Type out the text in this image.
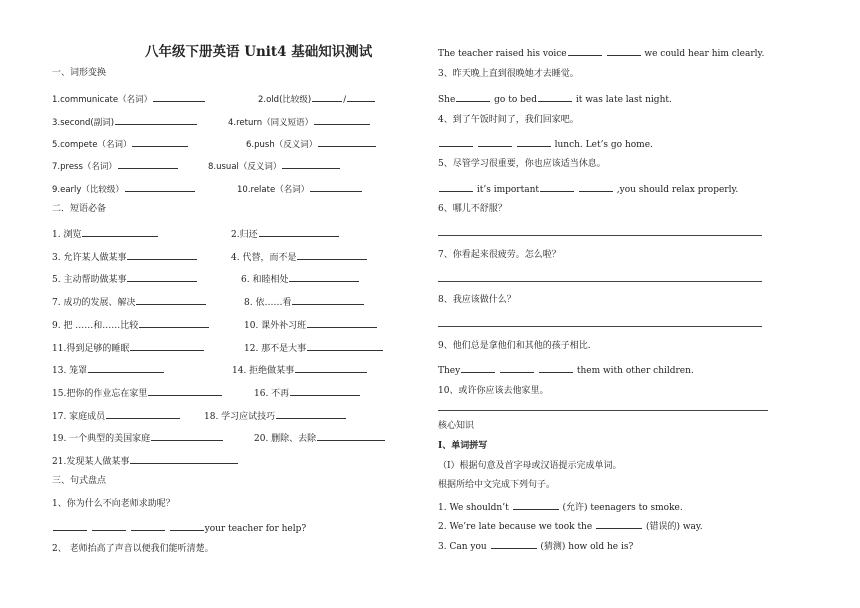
八年级下册英语 Unit4 基础知识测试
一、词形变换
1.communicate（名词）	2.old(比较级)	/
3.second(副词)	4.return（同义短语）
5.compete（名词）	6.push（反义词）
7.press（名词）	8.usual（反义词）
9.early（比较级）	10.relate（名词）
二．短语必备
1. 浏览	2.归还
3. 允许某人做某事	4. 代替，而不是
5. 主动帮助做某事	6. 和睦相处
7. 成功的发展、解决	8. 依……看
9. 把 ……和……比较	10. 课外补习班
11.得到足够的睡眠	12. 那不是大事
13. 笼罩	14. 拒绝做某事
15.把你的作业忘在家里	16. 不再
17. 家庭成员	18. 学习应试技巧
19. 一个典型的美国家庭	20. 删除、去除
21.发现某人做某事
三、句式盘点
1、你为什么不向老师求助呢？
your teacher for help?
2、 老师抬高了声音以便我们能听清楚。
The teacher raised his voice	we could hear him clearly.
3、昨天晚上直到很晚她才去睡觉。
She	go to bed	it was late last night.
4、到了午饭时间了，我们回家吧。
lunch. Let’s go home.
5、尽管学习很重要，你也应该适当休息。
it’s important	,you should relax properly.
6、哪儿不舒服？
7、你看起来很疲劳。怎么啦？
8、我应该做什么？
9、他们总是拿他们和其他的孩子相比.
They	them with other children.
10、或许你应该去他家里。
核心知识
I、单词拼写
（I）根据句意及首字母或汉语提示完成单词。
根据所给中文完成下列句子。
1. We shouldn’t	(允许) teenagers to smoke.
2. We’re late because we took the	(错误的) way.
3. Can you	(猜测) how old he is?
